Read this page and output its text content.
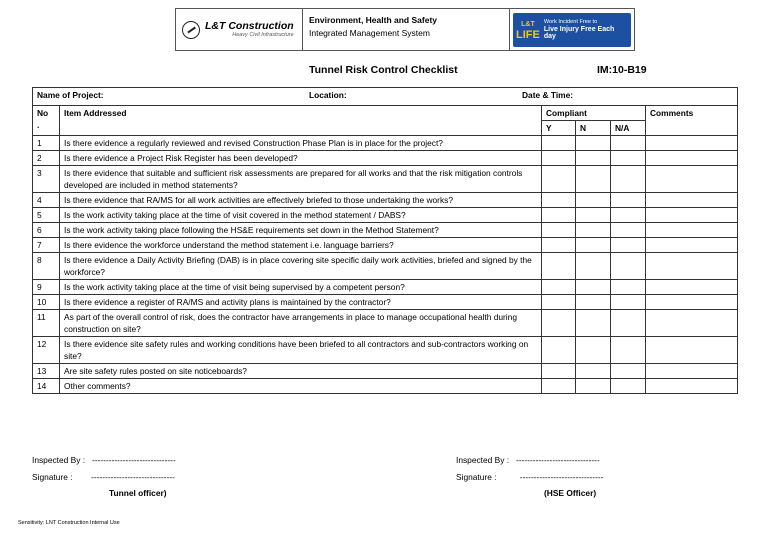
L&T Construction
Heavy Civil Infrastructure
Environment, Health and Safety
Integrated Management System
L&T
LIFE
Work Incident Free to
Live Injury Free Each day
Tunnel Risk Control Checklist	IM:10-B19
Name of Project: Location: Date & Time:					

No
.	Item Addressed	Compliant			Comments
		Y	N	N/A	
1	Is there evidence a regularly reviewed and revised Construction Phase Plan is in place for the project?				
2	Is there evidence a Project Risk Register has been developed?				
3	Is there evidence that suitable and sufficient risk assessments are prepared for all works and that the risk mitigation controls developed are included in method statements?				
4	Is there evidence that RA/MS for all work activities are effectively briefed to those undertaking the works?				
5	Is the work activity taking place at the time of visit covered in the method statement / DABS?				
6	Is the work activity taking place following the HS&E requirements set down in the Method Statement?				
7	Is there evidence the workforce understand the method statement i.e. language barriers?				
8	Is there evidence a Daily Activity Briefing (DAB) is in place covering site specific daily work activities, briefed and signed by the workforce?				
9	Is the work activity taking place at the time of visit being supervised by a competent person?				
10	Is there evidence a register of RA/MS and activity plans is maintained by the contractor?				
11	As part of the overall control of risk, does the contractor have arrangements in place to manage occupational health during construction on site?				
12	Is there evidence site safety rules and working conditions have been briefed to all contractors and sub-contractors working on site?				
13	Are site safety rules posted on site noticeboards?				
14	Other comments?				
Inspected By : ------------------------------
Signature : ------------------------------
Tunnel officer)
Inspected By : ------------------------------
Signature :	------------------------------
(HSE Officer)
Sensitivity: LNT Construction Internal Use
